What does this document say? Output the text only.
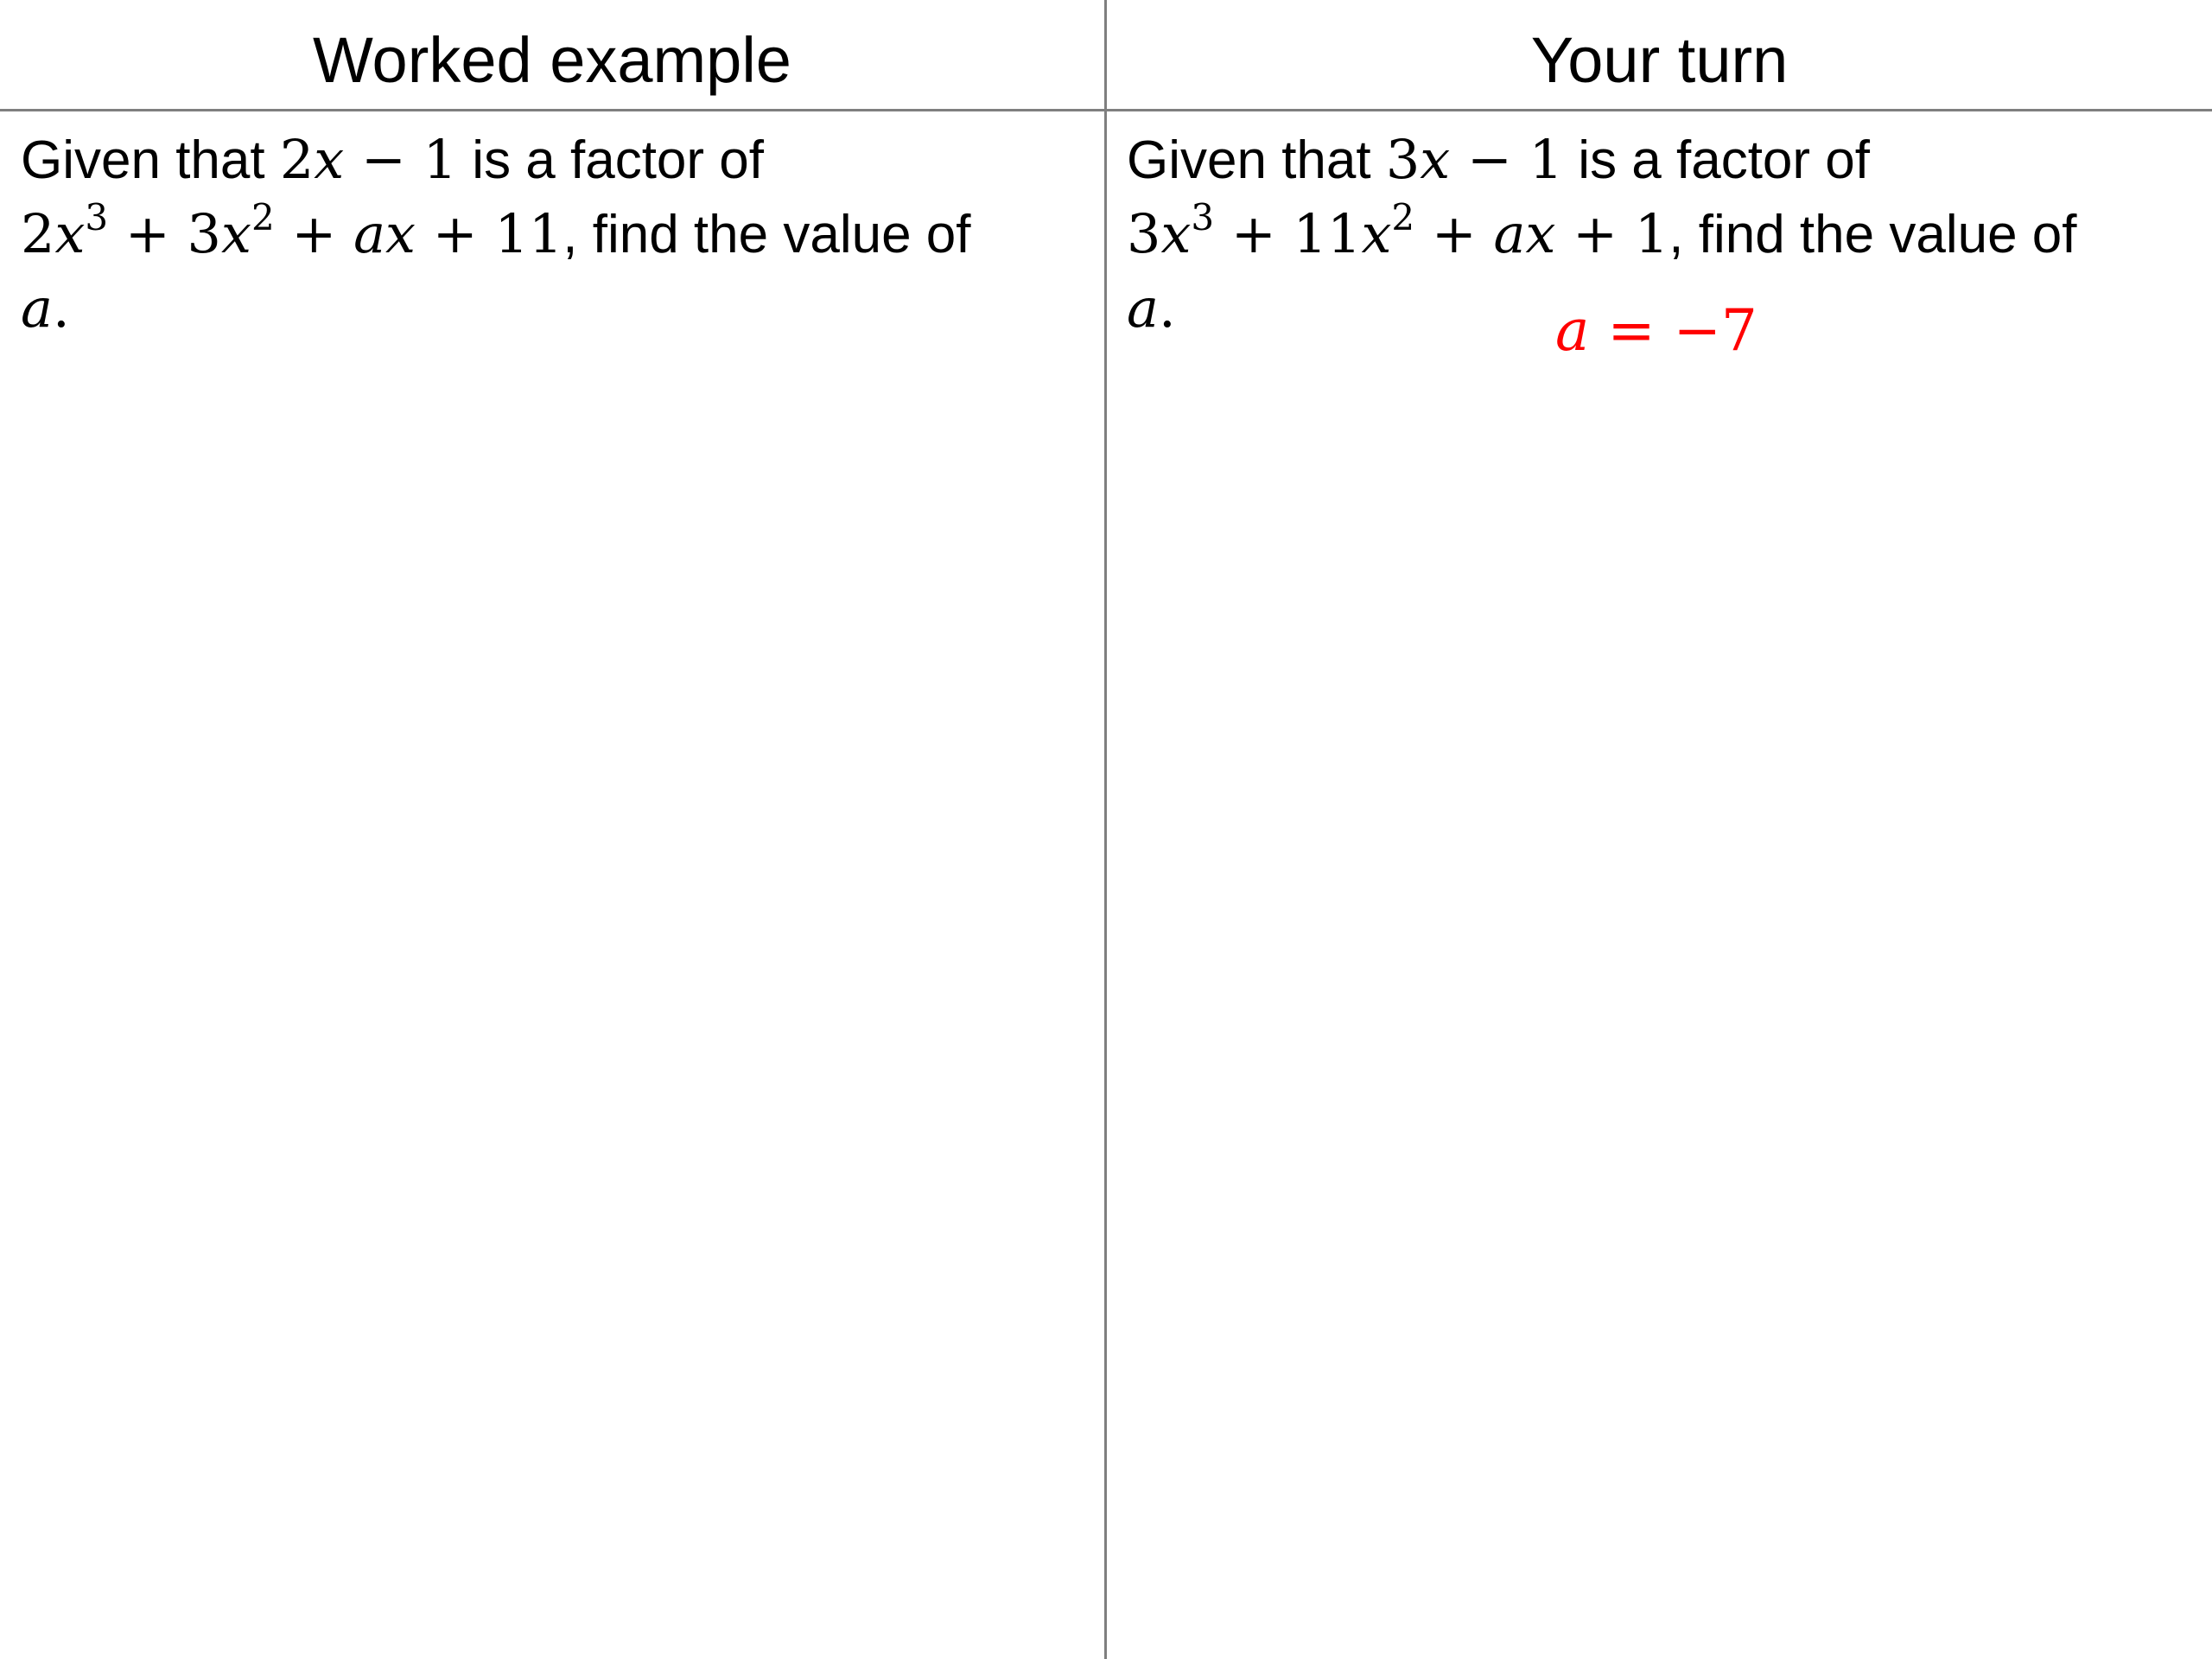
Worked example	Your turn
Given that 2x − 1 is a factor of
$2x^3 + 3x^2$ + ax + 11, find the value of
a.
Given that 3x − 1 is a factor of
$3x^3 + 11x^2$ + ax + 1, find the value of
a.	a = −7
